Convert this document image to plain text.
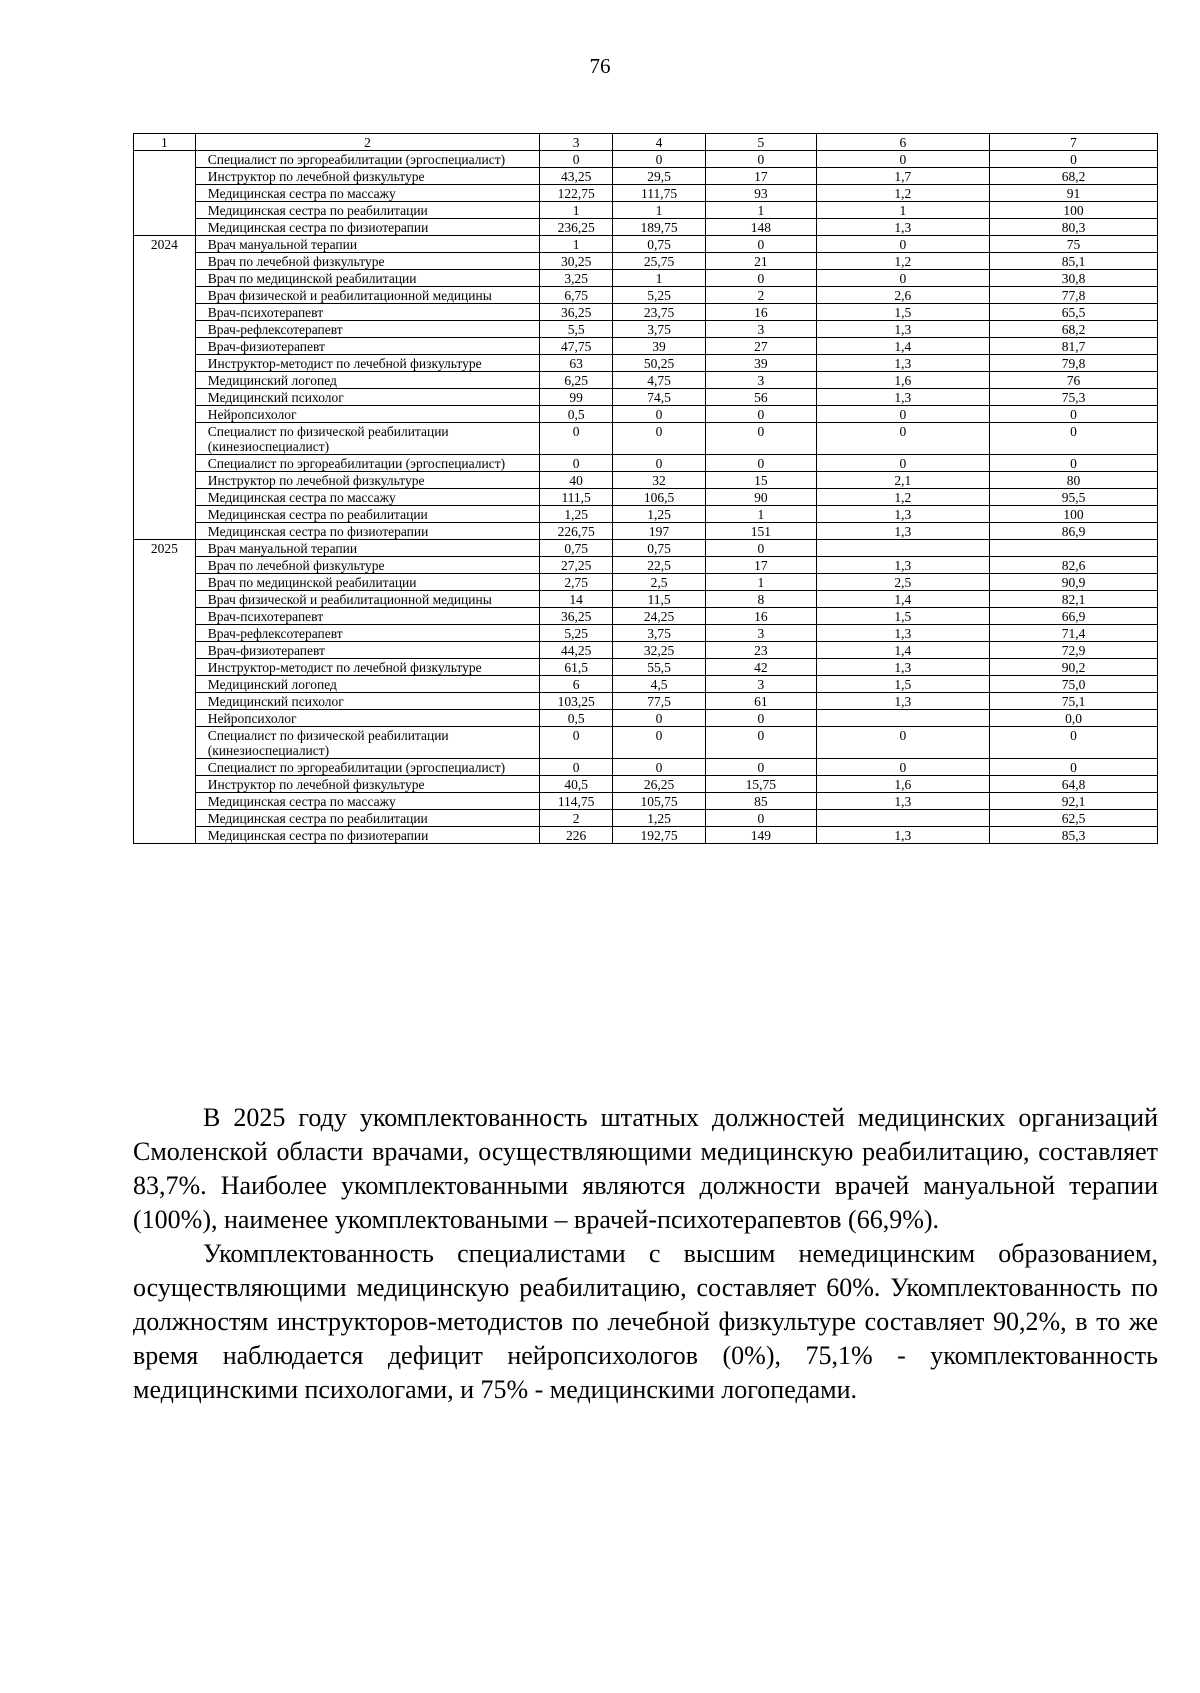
76
1	2	3	4	5	6	7
	Специалист по эргореабилитации (эргоспециалист)	0	0	0	0	0
	Инструктор по лечебной физкультуре	43,25	29,5	17	1,7	68,2
	Медицинская сестра по массажу	122,75	111,75	93	1,2	91
	Медицинская сестра по реабилитации	1	1	1	1	100
	Медицинская сестра по физиотерапии	236,25	189,75	148	1,3	80,3
2024	Врач мануальной терапии	1	0,75	0	0	75
	Врач по лечебной физкультуре	30,25	25,75	21	1,2	85,1
	Врач по медицинской реабилитации	3,25	1	0	0	30,8
	Врач физической и реабилитационной медицины	6,75	5,25	2	2,6	77,8
	Врач-психотерапевт	36,25	23,75	16	1,5	65,5
	Врач-рефлексотерапевт	5,5	3,75	3	1,3	68,2
	Врач-физиотерапевт	47,75	39	27	1,4	81,7
	Инструктор-методист по лечебной физкультуре	63	50,25	39	1,3	79,8
	Медицинский логопед	6,25	4,75	3	1,6	76
	Медицинский психолог	99	74,5	56	1,3	75,3
	Нейропсихолог	0,5	0	0	0	0
	Специалист по физической реабилитации (кинезиоспециалист)	0	0	0	0	0
	Специалист по эргореабилитации (эргоспециалист)	0	0	0	0	0
	Инструктор по лечебной физкультуре	40	32	15	2,1	80
	Медицинская сестра по массажу	111,5	106,5	90	1,2	95,5
	Медицинская сестра по реабилитации	1,25	1,25	1	1,3	100
	Медицинская сестра по физиотерапии	226,75	197	151	1,3	86,9
2025	Врач мануальной терапии	0,75	0,75	0		
	Врач по лечебной физкультуре	27,25	22,5	17	1,3	82,6
	Врач по медицинской реабилитации	2,75	2,5	1	2,5	90,9
	Врач физической и реабилитационной медицины	14	11,5	8	1,4	82,1
	Врач-психотерапевт	36,25	24,25	16	1,5	66,9
	Врач-рефлексотерапевт	5,25	3,75	3	1,3	71,4
	Врач-физиотерапевт	44,25	32,25	23	1,4	72,9
	Инструктор-методист по лечебной физкультуре	61,5	55,5	42	1,3	90,2
	Медицинский логопед	6	4,5	3	1,5	75,0
	Медицинский психолог	103,25	77,5	61	1,3	75,1
	Нейропсихолог	0,5	0	0		0,0
	Специалист по физической реабилитации (кинезиоспециалист)	0	0	0	0	0
	Специалист по эргореабилитации (эргоспециалист)	0	0	0	0	0
	Инструктор по лечебной физкультуре	40,5	26,25	15,75	1,6	64,8
	Медицинская сестра по массажу	114,75	105,75	85	1,3	92,1
	Медицинская сестра по реабилитации	2	1,25	0		62,5
	Медицинская сестра по физиотерапии	226	192,75	149	1,3	85,3

В 2025 году укомплектованность штатных должностей медицинских организаций Смоленской области врачами, осуществляющими медицинскую реабилитацию, составляет 83,7%. Наиболее укомплектованными являются должности врачей мануальной терапии (100%), наименее укомплектоваными – врачей-психотерапевтов (66,9%).

Укомплектованность специалистами с высшим немедицинским образованием, осуществляющими медицинскую реабилитацию, составляет 60%. Укомплектованность по должностям инструкторов-методистов по лечебной физкультуре составляет 90,2%, в то же время наблюдается дефицит нейропсихологов (0%), 75,1% - укомплектованность медицинскими психологами, и 75% - медицинскими логопедами.
